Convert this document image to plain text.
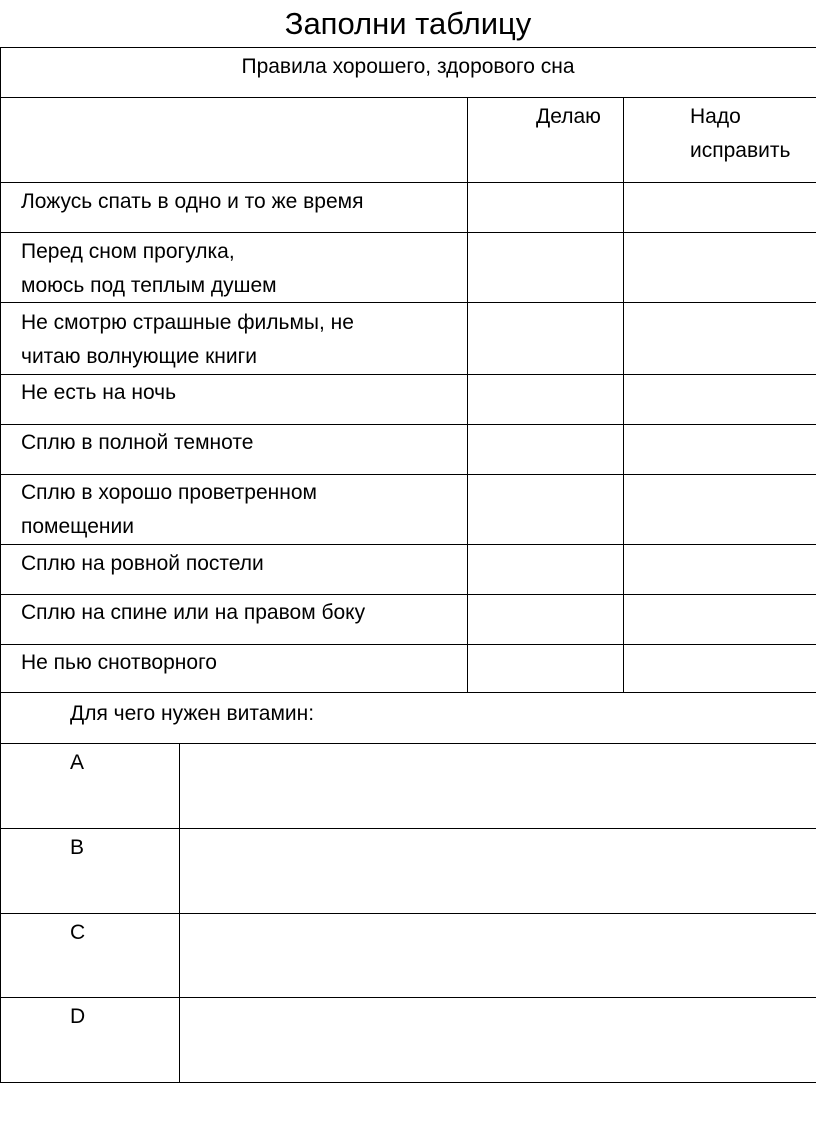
Заполни таблицу
Правила хорошего, здорового сна
Делаю	Надо
исправить
Ложусь спать в одно и то же время
Перед сном прогулка,
моюсь под теплым душем
Не смотрю страшные фильмы, не
читаю волнующие книги
Не есть на ночь
Сплю в полной темноте
Сплю в хорошо проветренном
помещении
Сплю на ровной постели
Сплю на спине или на правом боку
Не пью снотворного
Для чего нужен витамин:
A
B
C
D
